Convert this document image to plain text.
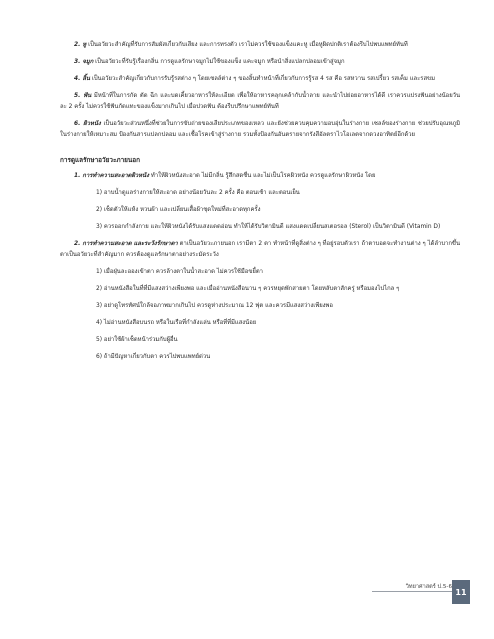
2. หู เป็นอวัยวะสำคัญที่รับการสัมผัสเกี่ยวกับเสียง และการทรงตัว เราไม่ควรใช้ของแข็งแคะหู เมื่อหูผิดปกติเราต้องรีบไปพบแพทย์ทันที

3. จมูก เป็นอวัยวะที่รับรู้เรื่องกลิ่น การดูแลรักษาจมูกไม่ใช้ของแข็ง แคะจมูก หรือนำสิ่งแปลกปลอมเข้าสู่จมูก

4. ลิ้น เป็นอวัยวะสำคัญเกี่ยวกับการรับรู้รสต่าง ๆ โดยเซลล์ต่าง ๆ ของลิ้นทำหน้าที่เกี่ยวกับการรู้รส 4 รส คือ รสหวาน รสเปรี้ยว รสเค็ม และรสขม

5. ฟัน มีหน้าที่ในการกัด ตัด ฉีก และบดเคี้ยวอาหารให้ละเอียด เพื่อให้อาหารคลุกเคล้ากับน้ำลาย และนำไปย่อยอาหารได้ดี เราควรแปรงฟันอย่างน้อยวันละ 2 ครั้ง ไม่ควรใช้ฟันกัดแทะของแข็งมากเกินไป เมื่อปวดฟัน ต้องรีบปรึกษาแพทย์ทันที

6. ผิวหนัง เป็นอวัยวะส่วนหนึ่งที่ช่วยในการขับถ่ายของเสียประเภทของเหลว และยังช่วยควบคุมความอบอุ่นในร่างกาย เซลล์ของร่างกาย ช่วยปรับอุณหภูมิในร่างกายให้เหมาะสม ป้องกันสารแปลกปลอม และเชื้อโรคเข้าสู่ร่างกาย รวมทั้งป้องกันอันตรายจากรังสีอัลตราไวโอเลตจากดวงอาทิตย์อีกด้วย

การดูแลรักษาอวัยวะภายนอก

1. การทำความสะอาดผิวหนัง ทำให้ผิวหนังสะอาด ไม่มีกลิ่น รู้สึกสดชื่น และไม่เป็นโรคผิวหนัง ควรดูแลรักษาผิวหนัง โดย

1) อาบน้ำดูแลร่างกายให้สะอาด อย่างน้อยวันละ 2 ครั้ง คือ ตอนเช้า และตอนเย็น

2) เช็ดตัวให้แห้ง หวนผ้า และเปลี่ยนเสื้อผ้าชุดใหม่ที่สะอาดทุกครั้ง

3) ควรออกกำลังกาย และให้ผิวหนังได้รับแสงแดดอ่อน ทำให้ได้รับวิตามินดี แสงแดดเปลี่ยนสเตอรอล (Sterol) เป็นวิตามินดี (Vitamin D)

2. การทำความสะอาด และระวังรักษาตา ตาเป็นอวัยวะภายนอก เรามีตา 2 ตา ทำหน้าที่ดูสิ่งต่าง ๆ ที่อยู่รอบตัวเรา ถ้าตาบอดจะทำงานต่าง ๆ ได้ลำบากขึ้น ตาเป็นอวัยวะที่สำคัญมาก ควรต้องดูแลรักษาตาอย่างระมัดระวัง

1) เมื่อฝุ่นละอองเข้าตา ควรล้างตาในน้ำสะอาด ไม่ควรใช้มือขยี้ตา

2) อ่านหนังสือในที่ที่มีแสงสว่างเพียงพอ และเมื่ออ่านหนังสือนาน ๆ ควรหยุดพักสายตา โดยหลับตาสักครู่ หรือมองไปไกล ๆ

3) อย่าดูโทรทัศน์ใกล้จอภาพมากเกินไป ควรดูห่างประมาณ 12 ฟุต และควรมีแสงสว่างเพียงพอ

4) ไม่อ่านหนังสือบนรถ หรือในเรือที่กำลังแล่น หรือที่ที่มีแสงน้อย

5) อย่าใช้ผ้าเช็ดหน้าร่วมกับผู้อื่น

6) ถ้ามีปัญหาเกี่ยวกับตา ควรไปพบแพทย์ด่วน

วิทยาศาสตร์ ป.5-6
11
